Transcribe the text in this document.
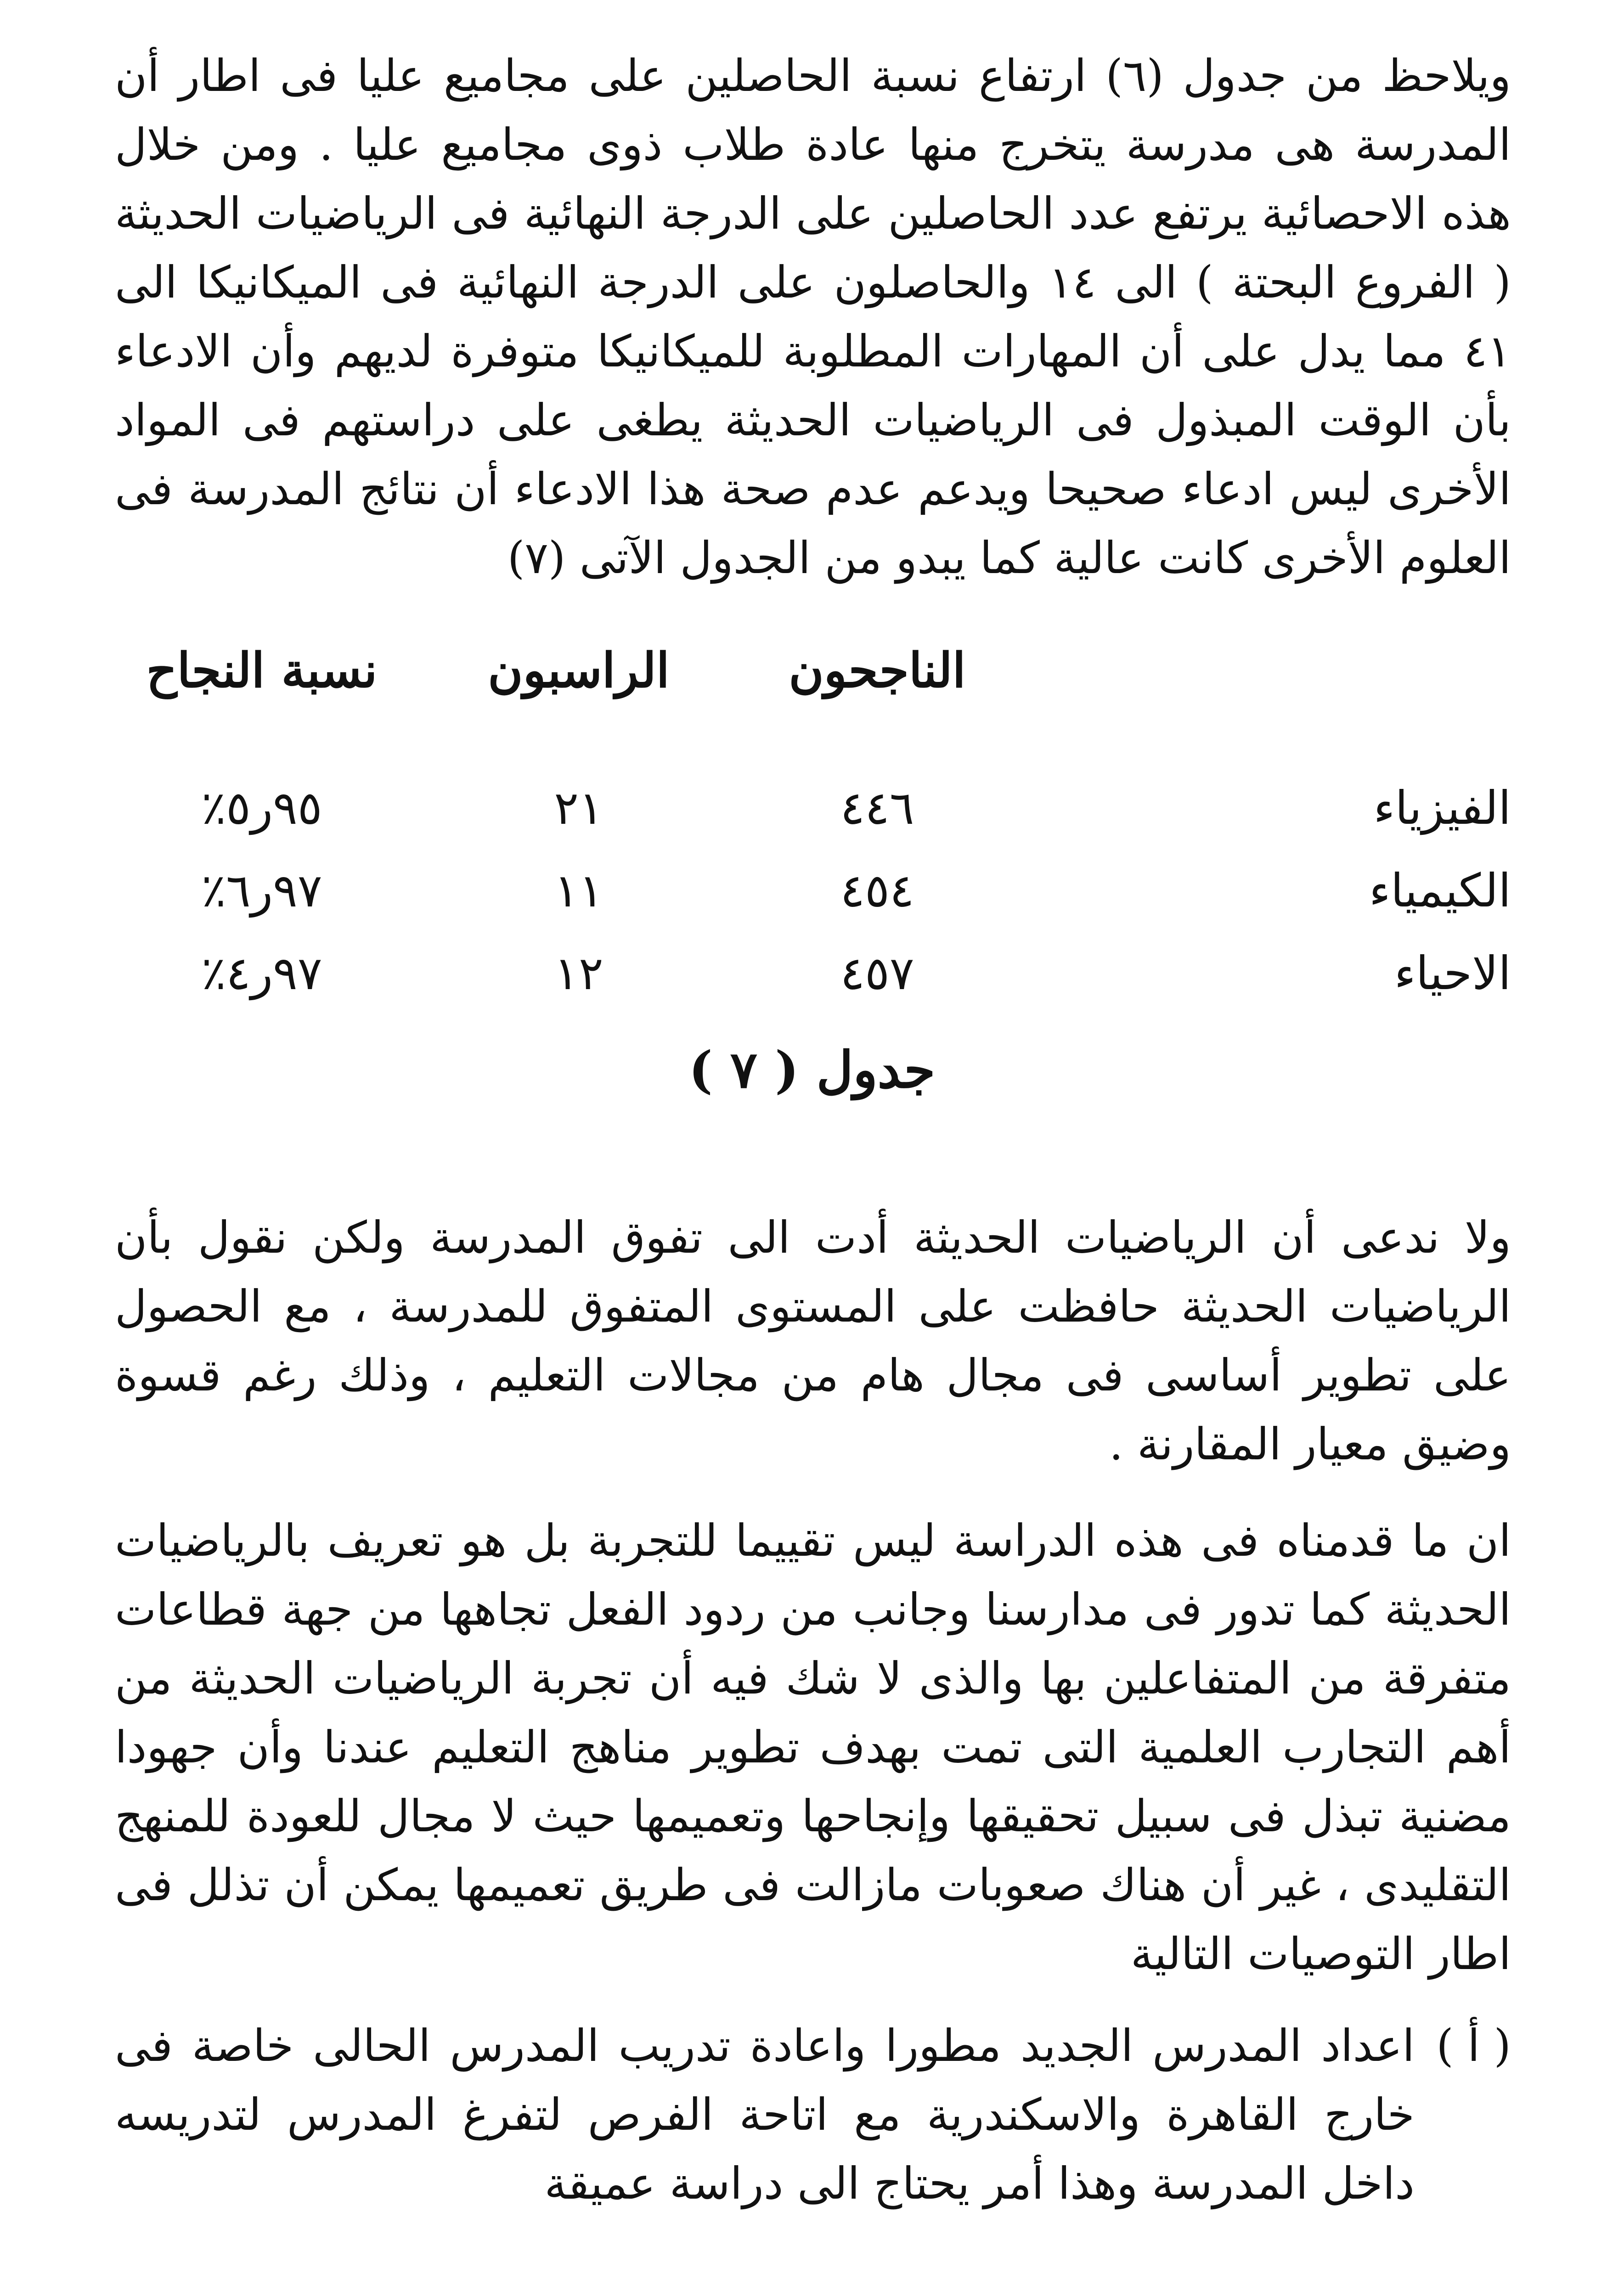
ويلاحظ من جدول (٦) ارتفاع نسبة الحاصلين على مجاميع عليا فى اطار أن المدرسة هى مدرسة يتخرج منها عادة طلاب ذوى مجاميع عليا . ومن خلال هذه الاحصائية يرتفع عدد الحاصلين على الدرجة النهائية فى الرياضيات الحديثة ( الفروع البحتة ) الى ١٤ والحاصلون على الدرجة النهائية فى الميكانيكا الى ٤١ مما يدل على أن المهارات المطلوبة للميكانيكا متوفرة لديهم وأن الادعاء بأن الوقت المبذول فى الرياضيات الحديثة يطغى على دراستهم فى المواد الأخرى ليس ادعاء صحيحا ويدعم عدم صحة هذا الادعاء أن نتائج المدرسة فى العلوم الأخرى كانت عالية كما يبدو من الجدول الآتى (٧)
الناجحون
الراسبون
نسبة النجاح
الفيزياء
٤٤٦
٢١
٩٥ر٥٪
الكيمياء
٤٥٤
١١
٩٧ر٦٪
الاحياء
٤٥٧
١٢
٩٧ر٤٪
جدول ( ٧ )
ولا ندعى أن الرياضيات الحديثة أدت الى تفوق المدرسة ولكن نقول بأن الرياضيات الحديثة حافظت على المستوى المتفوق للمدرسة ، مع الحصول على تطوير أساسى فى مجال هام من مجالات التعليم ، وذلك رغم قسوة وضيق معيار المقارنة .
ان ما قدمناه فى هذه الدراسة ليس تقييما للتجربة بل هو تعريف بالرياضيات الحديثة كما تدور فى مدارسنا وجانب من ردود الفعل تجاهها من جهة قطاعات متفرقة من المتفاعلين بها والذى لا شك فيه أن تجربة الرياضيات الحديثة من أهم التجارب العلمية التى تمت بهدف تطوير مناهج التعليم عندنا وأن جهودا مضنية تبذل فى سبيل تحقيقها وإنجاحها وتعميمها حيث لا مجال للعودة للمنهج التقليدى ، غير أن هناك صعوبات مازالت فى طريق تعميمها يمكن أن تذلل فى اطار التوصيات التالية
( أ )
اعداد المدرس الجديد مطورا واعادة تدريب المدرس الحالى خاصة فى خارج القاهرة والاسكندرية مع اتاحة الفرص لتفرغ المدرس لتدريسه داخل المدرسة وهذا أمر يحتاج الى دراسة عميقة
